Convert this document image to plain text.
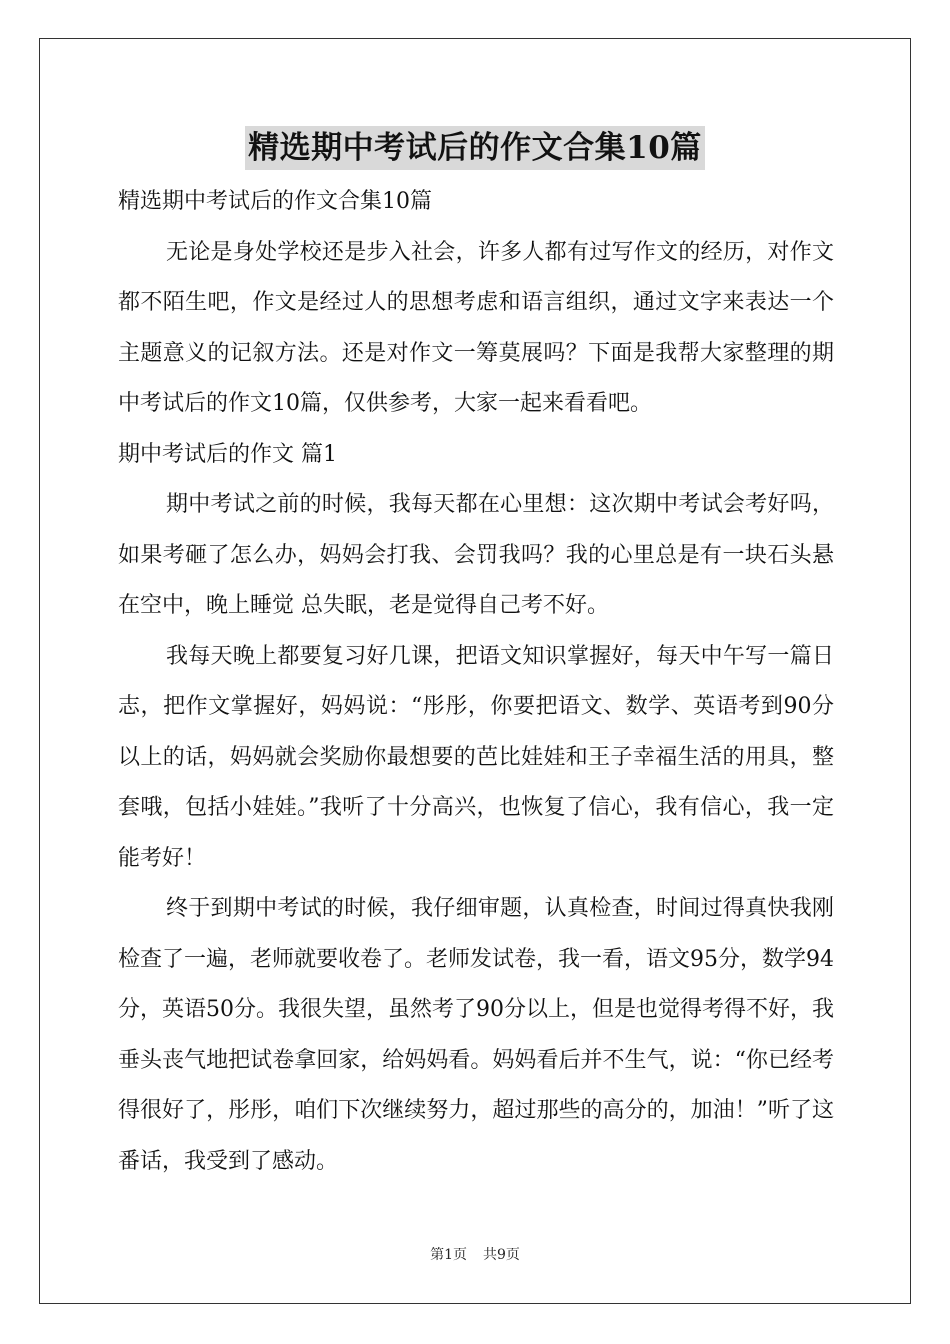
精选期中考试后的作文合集10篇

精选期中考试后的作文合集10篇

无论是身处学校还是步入社会，许多人都有过写作文的经历，对作文都不陌生吧，作文是经过人的思想考虑和语言组织，通过文字来表达一个主题意义的记叙方法。还是对作文一筹莫展吗？下面是我帮大家整理的期中考试后的作文10篇，仅供参考，大家一起来看看吧。

期中考试后的作文 篇1

期中考试之前的时候，我每天都在心里想：这次期中考试会考好吗，如果考砸了怎么办，妈妈会打我、会罚我吗？我的心里总是有一块石头悬在空中，晚上睡觉 总失眠，老是觉得自己考不好。

我每天晚上都要复习好几课，把语文知识掌握好，每天中午写一篇日志，把作文掌握好，妈妈说：“彤彤，你要把语文、数学、英语考到90分以上的话，妈妈就会奖励你最想要的芭比娃娃和王子幸福生活的用具，整套哦，包括小娃娃。”我听了十分高兴，也恢复了信心，我有信心，我一定能考好！

终于到期中考试的时候，我仔细审题，认真检查，时间过得真快我刚检查了一遍，老师就要收卷了。老师发试卷，我一看，语文95分，数学94分，英语50分。我很失望，虽然考了90分以上，但是也觉得考得不好，我垂头丧气地把试卷拿回家，给妈妈看。妈妈看后并不生气，说：“你已经考得很好了，彤彤，咱们下次继续努力，超过那些的高分的，加油！”听了这番话，我受到了感动。

第1页 共9页
